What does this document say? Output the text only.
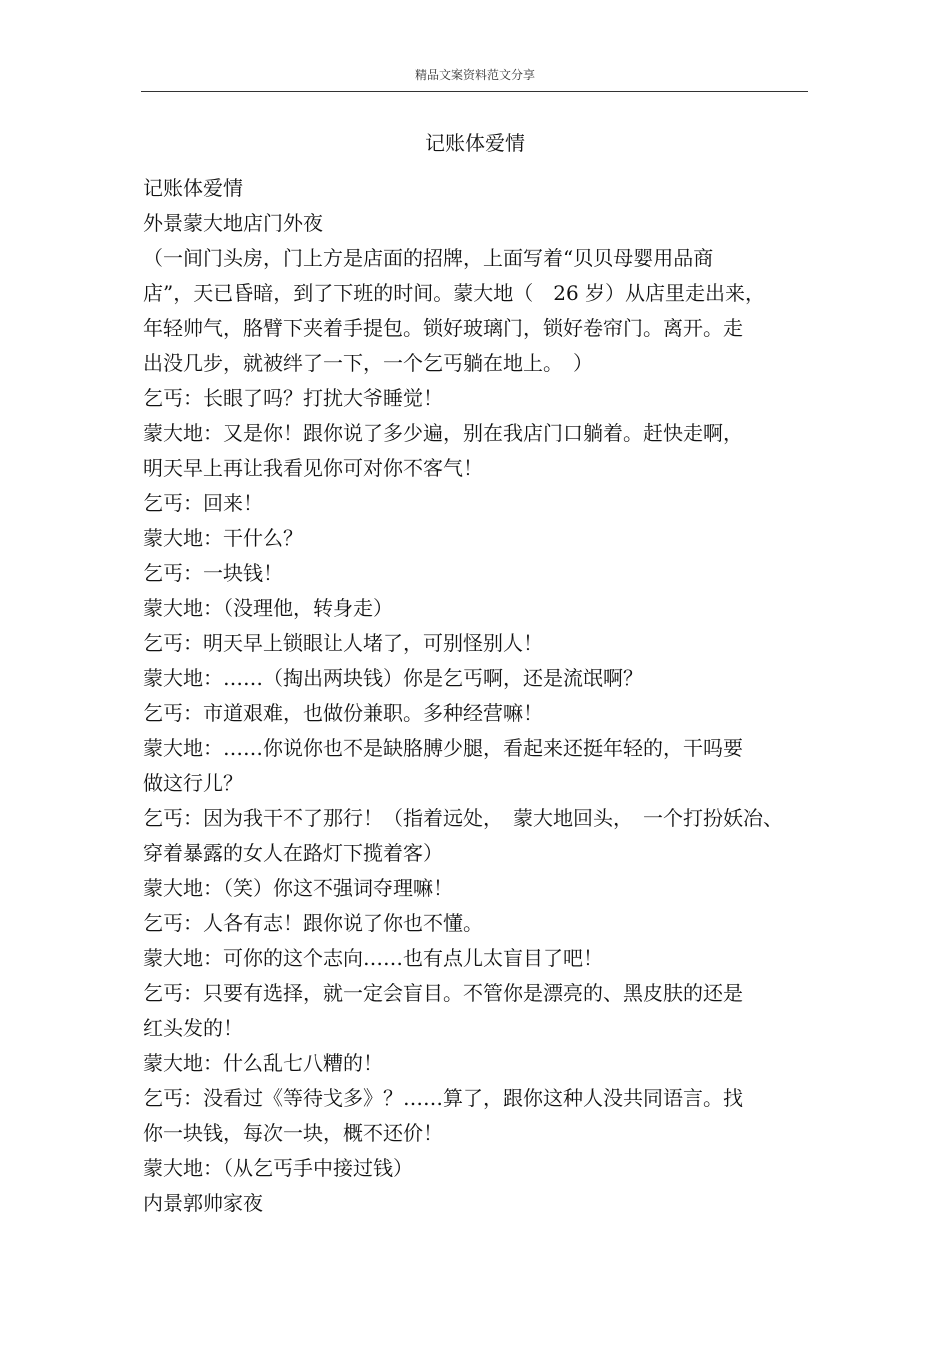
精品文案资料范文分享
记账体爱情
记账体爱情
外景蒙大地店门外夜
（一间门头房，门上方是店面的招牌，上面写着“贝贝母婴用品商
店”，天已昏暗，到了下班的时间。蒙大地（　26 岁）从店里走出来，
年轻帅气，胳臂下夹着手提包。锁好玻璃门，锁好卷帘门。离开。走
出没几步，就被绊了一下，一个乞丐躺在地上。　）
乞丐：长眼了吗？打扰大爷睡觉！
蒙大地：又是你！跟你说了多少遍，别在我店门口躺着。赶快走啊，
明天早上再让我看见你可对你不客气！
乞丐：回来！
蒙大地：干什么？
乞丐：一块钱！
蒙大地：（没理他，转身走）
乞丐：明天早上锁眼让人堵了，可别怪别人！
蒙大地：……（掏出两块钱）你是乞丐啊，还是流氓啊？
乞丐：市道艰难，也做份兼职。多种经营嘛！
蒙大地：……你说你也不是缺胳膊少腿，看起来还挺年轻的，干吗要
做这行儿？
乞丐：因为我干不了那行！（指着远处，　蒙大地回头，　一个打扮妖冶、
穿着暴露的女人在路灯下揽着客）
蒙大地：（笑）你这不强词夺理嘛！
乞丐：人各有志！跟你说了你也不懂。
蒙大地：可你的这个志向……也有点儿太盲目了吧！
乞丐：只要有选择，就一定会盲目。不管你是漂亮的、黑皮肤的还是
红头发的！
蒙大地：什么乱七八糟的！
乞丐：没看过《等待戈多》？……算了，跟你这种人没共同语言。找
你一块钱，每次一块，概不还价！
蒙大地：（从乞丐手中接过钱）
内景郭帅家夜
